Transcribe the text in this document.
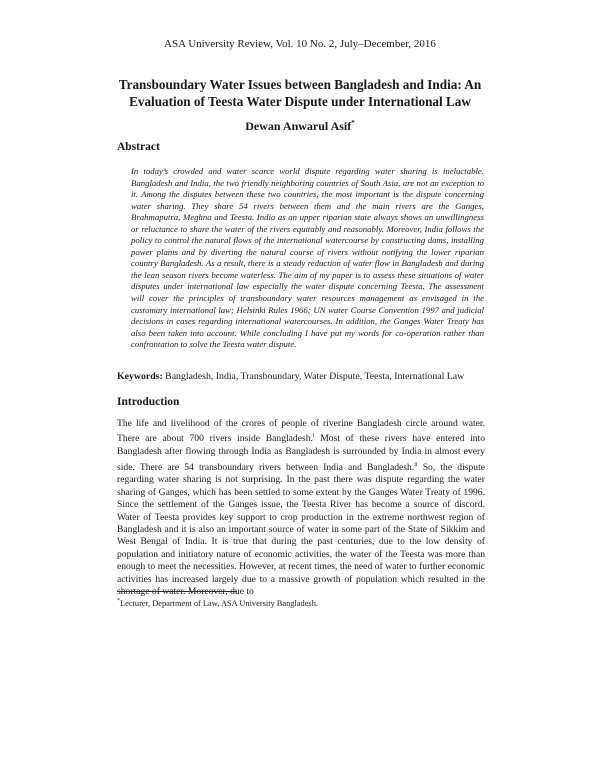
ASA University Review, Vol. 10 No. 2, July–December, 2016
Transboundary Water Issues between Bangladesh and India: An Evaluation of Teesta Water Dispute under International Law
Dewan Anwarul Asif*
Abstract

In today’s crowded and water scarce world dispute regarding water sharing is ineluctable. Bangladesh and India, the two friendly neighboring countries of South Asia, are not an exception to it. Among the disputes between these two countries, the most important is the dispute concerning water sharing. They share 54 rivers between them and the main rivers are the Ganges, Brahmaputra, Meghna and Teesta. India as an upper riparian state always shows an unwillingness or reluctance to share the water of the rivers equitably and reasonably. Moreover, India follows the policy to control the natural flows of the international watercourse by constructing dams, installing power plants and by diverting the natural course of rivers without notifying the lower riparian country Bangladesh. As a result, there is a steady reduction of water flow in Bangladesh and during the lean season rivers become waterless. The aim of my paper is to assess these situations of water disputes under international law especially the water dispute concerning Teesta. The assessment will cover the principles of transboundary water resources management as envisaged in the customary international law; Helsinki Rules 1966; UN water Course Convention 1997 and judicial decisions in cases regarding international watercourses. In addition, the Ganges Water Treaty has also been taken into account. While concluding I have put my words for co-operation rather than confrontation to solve the Teesta water dispute.

Keywords: Bangladesh, India, Transboundary, Water Dispute, Teesta, International Law
Introduction

The life and livelihood of the crores of people of riverine Bangladesh circle around water. There are about 700 rivers inside Bangladesh.$^i$ Most of these rivers have entered into Bangladesh after flowing through India as Bangladesh is surrounded by India in almost every side. There are 54 transboundary rivers between India and Bangladesh.$^{ii}$ So, the dispute regarding water sharing is not surprising. In the past there was dispute regarding the water sharing of Ganges, which has been settled to some extent by the Ganges Water Treaty of 1996. Since the settlement of the Ganges issue, the Teesta River has become a source of discord. Water of Teesta provides key support to crop production in the extreme northwest region of Bangladesh and it is also an important source of water in some part of the State of Sikkim and West Bengal of India. It is true that during the past centuries, due to the low density of population and initiatory nature of economic activities, the water of the Teesta was more than enough to meet the necessities. However, at recent times, the need of water to further economic activities has increased largely due to a massive growth of population which resulted in the shortage of water. Moreover, due to

*Lecturer, Department of Law, ASA University Bangladesh.
